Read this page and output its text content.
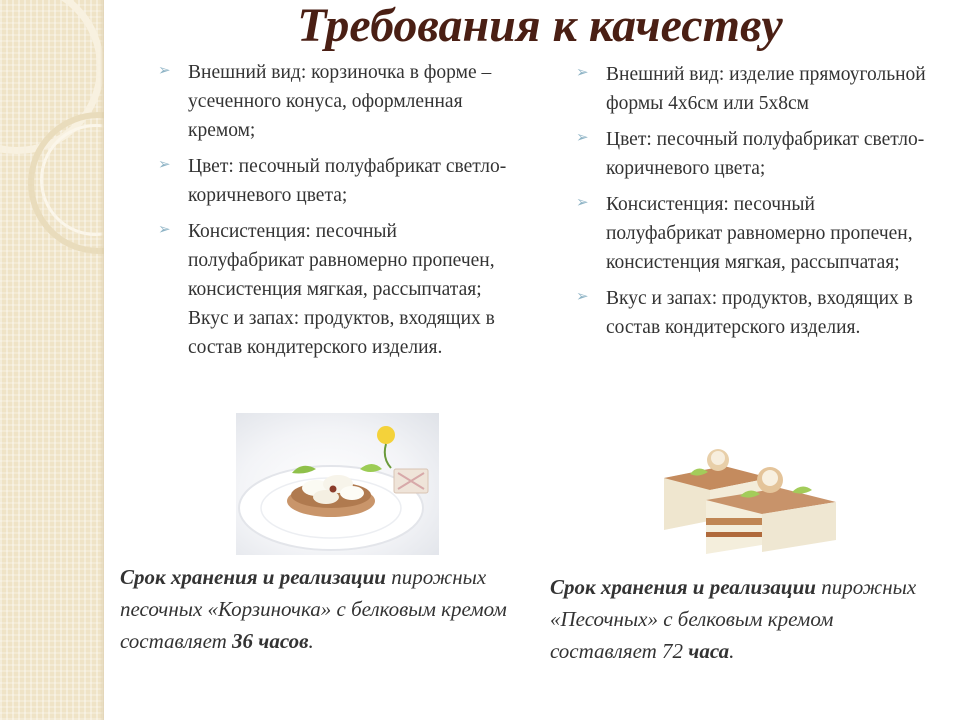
Требования к качеству
➢ Внешний вид: корзиночка в форме – усеченного конуса, оформленная кремом;
➢ Цвет: песочный полуфабрикат светло-коричневого цвета;
➢ Консистенция: песочный полуфабрикат равномерно пропечен, консистенция мягкая, рассыпчатая; Вкус и запах: продуктов, входящих в состав кондитерского изделия.
➢ Внешний вид: изделие прямоугольной формы 4х6см или 5х8см
➢ Цвет: песочный полуфабрикат светло-коричневого цвета;
➢ Консистенция: песочный полуфабрикат равномерно пропечен, консистенция мягкая, рассыпчатая;
➢ Вкус и запах: продуктов, входящих в состав кондитерского изделия.
Срок хранения и реализации пирожных песочных «Корзиночка» с белковым кремом составляет 36 часов.
Срок хранения и реализации пирожных «Песочных» с белковым кремом составляет 72 часа.
